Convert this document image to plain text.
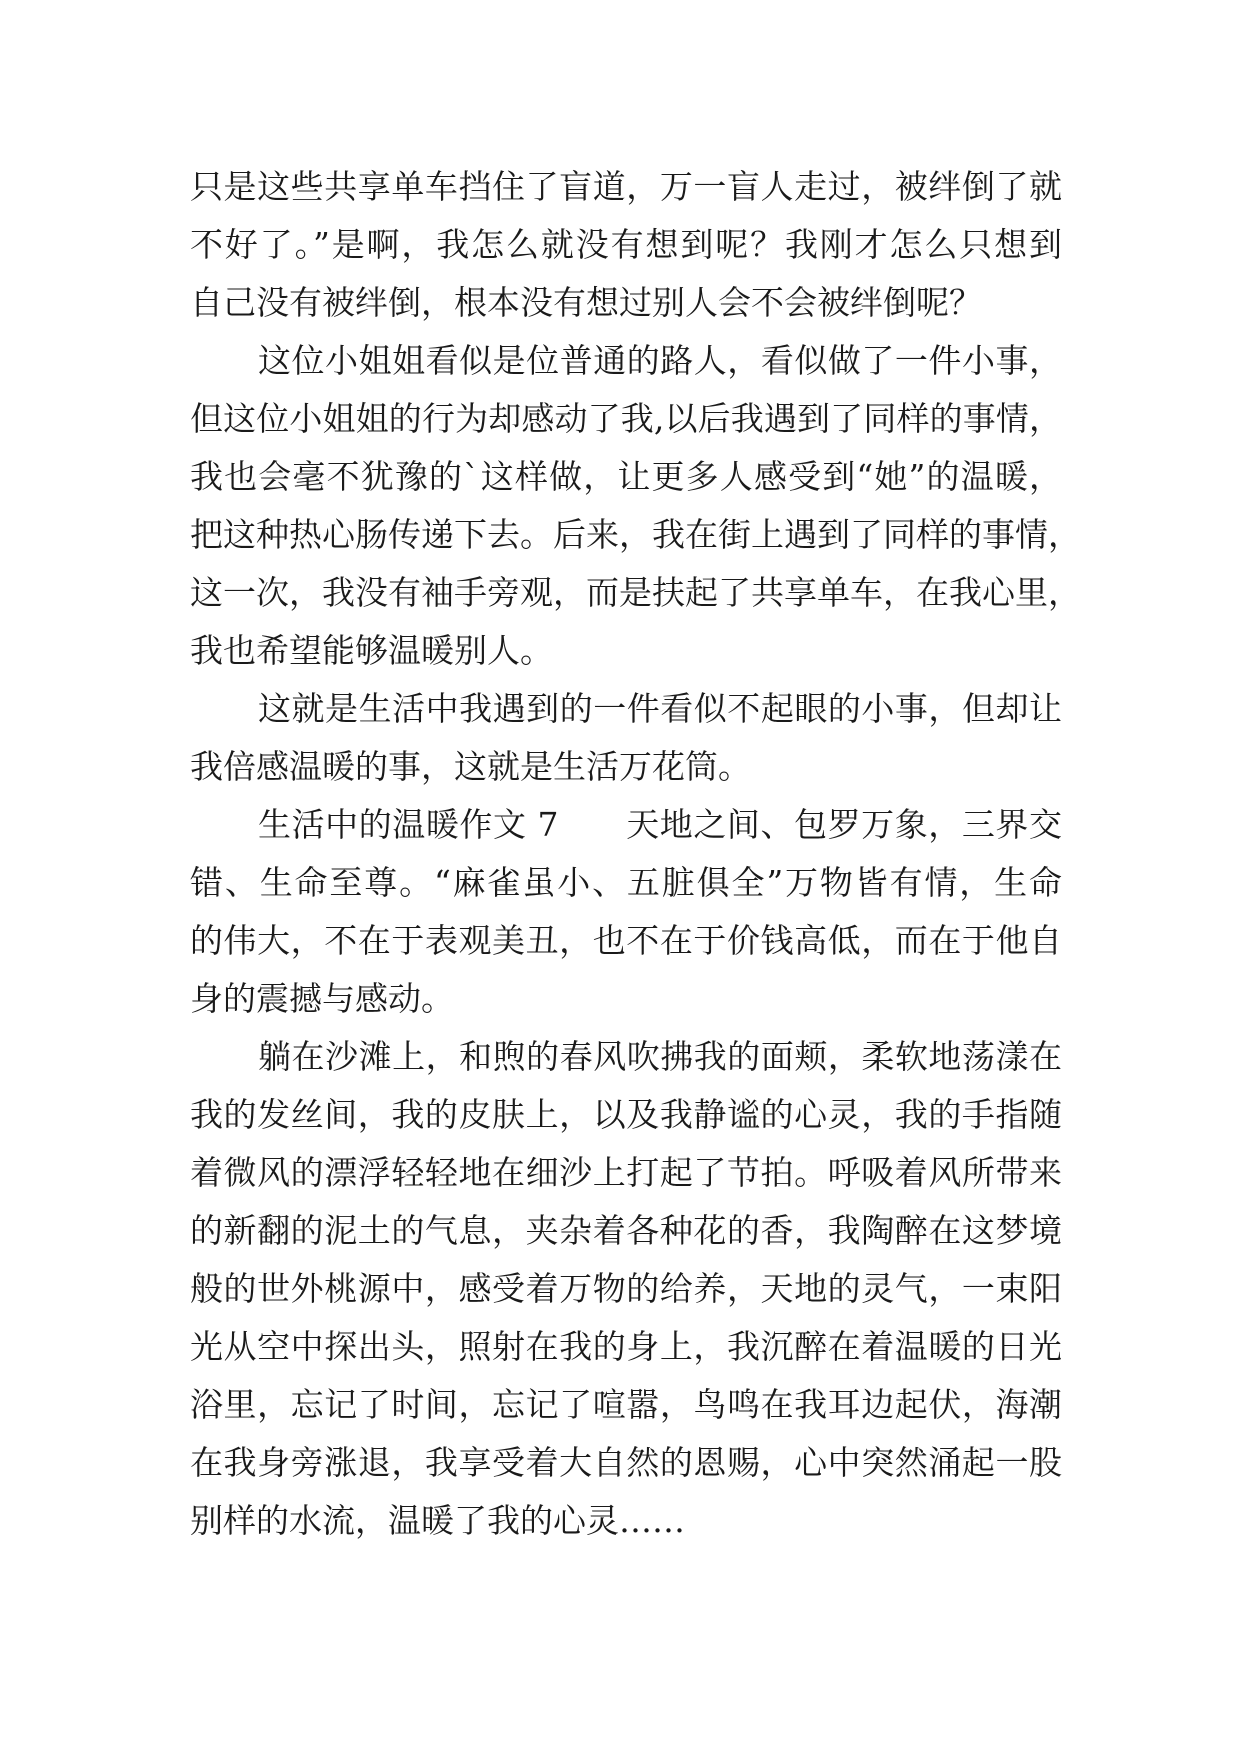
只是这些共享单车挡住了盲道，万一盲人走过，被绊倒了就
不好了。”是啊，我怎么就没有想到呢？我刚才怎么只想到
自己没有被绊倒，根本没有想过别人会不会被绊倒呢？
这位小姐姐看似是位普通的路人，看似做了一件小事，
但这位小姐姐的行为却感动了我,以后我遇到了同样的事情，
我也会毫不犹豫的`这样做，让更多人感受到“她”的温暖，
把这种热心肠传递下去。后来，我在街上遇到了同样的事情，
这一次，我没有袖手旁观，而是扶起了共享单车，在我心里，
我也希望能够温暖别人。
这就是生活中我遇到的一件看似不起眼的小事，但却让
我倍感温暖的事，这就是生活万花筒。
生活中的温暖作文 7　　天地之间、包罗万象，三界交
错、生命至尊。“麻雀虽小、五脏俱全”万物皆有情，生命
的伟大，不在于表观美丑，也不在于价钱高低，而在于他自
身的震撼与感动。
躺在沙滩上，和煦的春风吹拂我的面颊，柔软地荡漾在
我的发丝间，我的皮肤上，以及我静谧的心灵，我的手指随
着微风的漂浮轻轻地在细沙上打起了节拍。呼吸着风所带来
的新翻的泥土的气息，夹杂着各种花的香，我陶醉在这梦境
般的世外桃源中，感受着万物的给养，天地的灵气，一束阳
光从空中探出头，照射在我的身上，我沉醉在着温暖的日光
浴里，忘记了时间，忘记了喧嚣，鸟鸣在我耳边起伏，海潮
在我身旁涨退，我享受着大自然的恩赐，心中突然涌起一股
别样的水流，温暖了我的心灵……
